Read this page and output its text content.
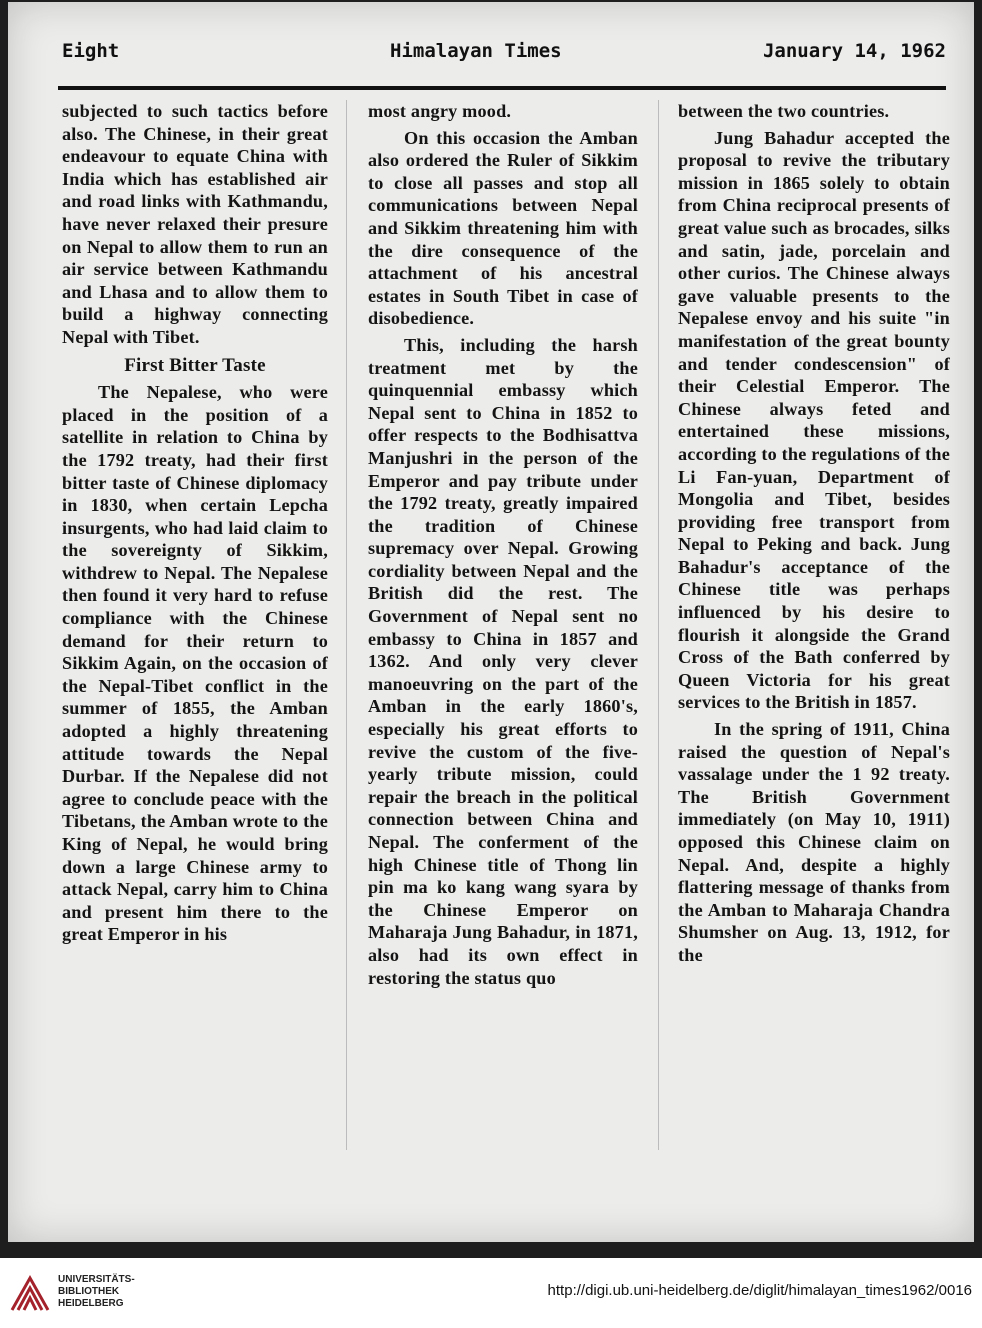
Eight	Himalayan Times	January 14, 1962

subjected to such tactics before also. The Chinese, in their great endeavour to equate China with India which has established air and road links with Kathmandu, have never relaxed their presure on Nepal to allow them to run an air service between Kathmandu and Lhasa and to allow them to build a highway connecting Nepal with Tibet.

First Bitter Taste

The Nepalese, who were placed in the position of a satellite in relation to China by the 1792 treaty, had their first bitter taste of Chinese diplomacy in 1830, when certain Lepcha insurgents, who had laid claim to the sovereignty of Sikkim, withdrew to Nepal. The Nepalese then found it very hard to refuse compliance with the Chinese demand for their return to Sikkim Again, on the occasion of the Nepal-Tibet conflict in the summer of 1855, the Amban adopted a highly threatening attitude towards the Nepal Durbar. If the Nepalese did not agree to conclude peace with the Tibetans, the Amban wrote to the King of Nepal, he would bring down a large Chinese army to attack Nepal, carry him to China and present him there to the great Emperor in his

most angry mood.

On this occasion the Amban also ordered the Ruler of Sikkim to close all passes and stop all communications between Nepal and Sikkim threatening him with the dire consequence of the attachment of his ancestral estates in South Tibet in case of disobedience.

This, including the harsh treatment met by the quinquennial embassy which Nepal sent to China in 1852 to offer respects to the Bodhisattva Manjushri in the person of the Emperor and pay tribute under the 1792 treaty, greatly impaired the tradition of Chinese supremacy over Nepal. Growing cordiality between Nepal and the British did the rest. The Government of Nepal sent no embassy to China in 1857 and 1362. And only very clever manoeuvring on the part of the Amban in the early 1860's, especially his great efforts to revive the custom of the five-yearly tribute mission, could repair the breach in the political connection between China and Nepal. The conferment of the high Chinese title of Thong lin pin ma ko kang wang syara by the Chinese Emperor on Maharaja Jung Bahadur, in 1871, also had its own effect in restoring the status quo

between the two countries.

Jung Bahadur accepted the proposal to revive the tributary mission in 1865 solely to obtain from China reciprocal presents of great value such as brocades, silks and satin, jade, porcelain and other curios. The Chinese always gave valuable presents to the Nepalese envoy and his suite "in manifestation of the great bounty and tender condescension" of their Celestial Emperor. The Chinese always feted and entertained these missions, according to the regulations of the Li Fan-yuan, Department of Mongolia and Tibet, besides providing free transport from Nepal to Peking and back. Jung Bahadur's acceptance of the Chinese title was perhaps influenced by his desire to flourish it alongside the Grand Cross of the Bath conferred by Queen Victoria for his great services to the British in 1857.

In the spring of 1911, China raised the question of Nepal's vassalage under the 1 92 treaty. The British Government immediately (on May 10, 1911) opposed this Chinese claim on Nepal. And, despite a highly flattering message of thanks from the Amban to Maharaja Chandra Shumsher on Aug. 13, 1912, for the

UNIVERSITÄTS-
BIBLIOTHEK
HEIDELBERG
http://digi.ub.uni-heidelberg.de/diglit/himalayan_times1962/0016
